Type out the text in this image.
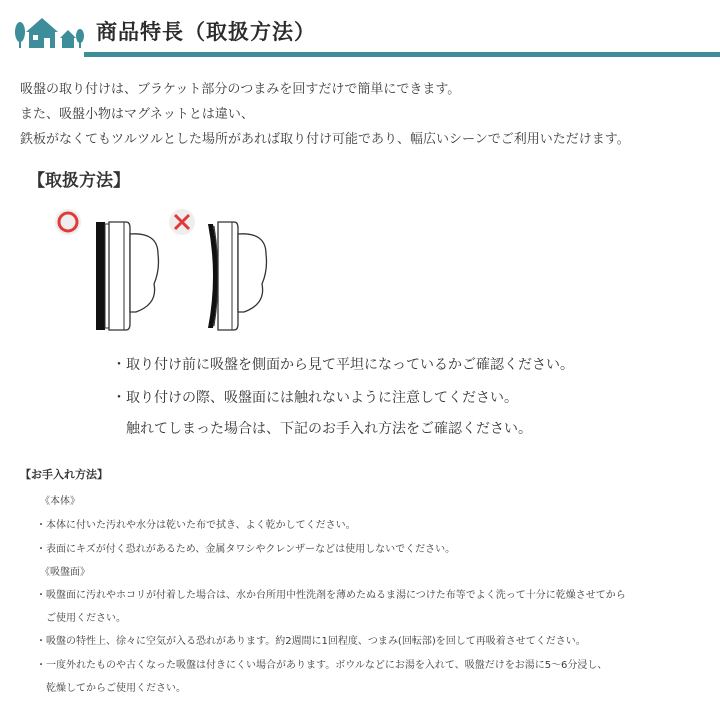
商品特長（取扱方法）
吸盤の取り付けは、ブラケット部分のつまみを回すだけで簡単にできます。
また、吸盤小物はマグネットとは違い、
鉄板がなくてもツルツルとした場所があれば取り付け可能であり、幅広いシーンでご利用いただけます。
【取扱方法】
・取り付け前に吸盤を側面から見て平坦になっているかご確認ください。
・取り付けの際、吸盤面には触れないように注意してください。
触れてしまった場合は、下記のお手入れ方法をご確認ください。
【お手入れ方法】
《本体》
・本体に付いた汚れや水分は乾いた布で拭き、よく乾かしてください。
・表面にキズが付く恐れがあるため、金属タワシやクレンザーなどは使用しないでください。
《吸盤面》
・吸盤面に汚れやホコリが付着した場合は、水か台所用中性洗剤を薄めたぬるま湯につけた布等でよく洗って十分に乾燥させてから
ご使用ください。
・吸盤の特性上、徐々に空気が入る恐れがあります。約2週間に1回程度、つまみ(回転部)を回して再吸着させてください。
・一度外れたものや古くなった吸盤は付きにくい場合があります。ボウルなどにお湯を入れて、吸盤だけをお湯に5〜6分浸し、
乾燥してからご使用ください。
